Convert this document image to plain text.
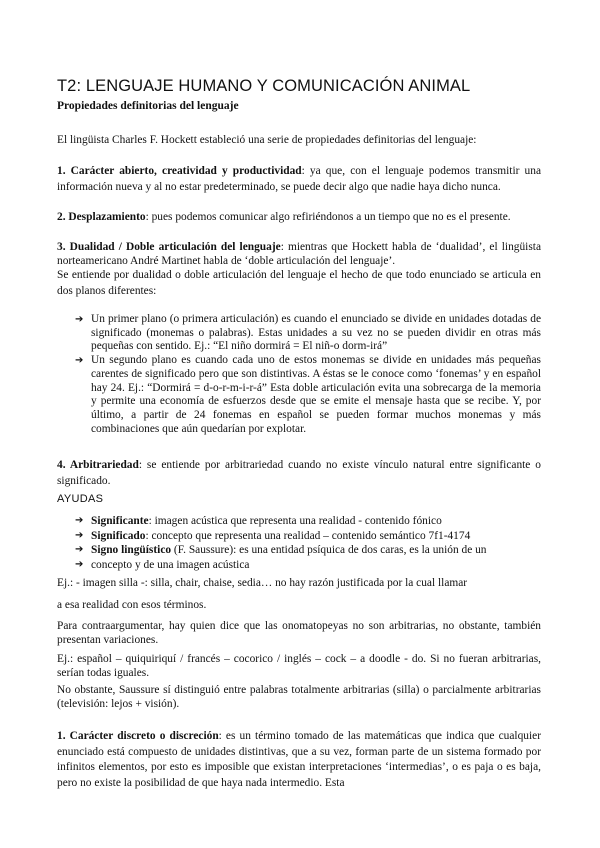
T2: LENGUAJE HUMANO Y COMUNICACIÓN ANIMAL
Propiedades definitorias del lenguaje
El lingüista Charles F. Hockett estableció una serie de propiedades definitorias del lenguaje:
1. Carácter abierto, creatividad y productividad: ya que, con el lenguaje podemos transmitir una información nueva y al no estar predeterminado, se puede decir algo que nadie haya dicho nunca.
2. Desplazamiento: pues podemos comunicar algo refiriéndonos a un tiempo que no es el presente.
3. Dualidad / Doble articulación del lenguaje: mientras que Hockett habla de ‘dualidad’, el lingüista norteamericano André Martinet habla de ‘doble articulación del lenguaje’.
Se entiende por dualidad o doble articulación del lenguaje el hecho de que todo enunciado se articula en dos planos diferentes:
➔ Un primer plano (o primera articulación) es cuando el enunciado se divide en unidades dotadas de significado (monemas o palabras). Estas unidades a su vez no se pueden dividir en otras más pequeñas con sentido. Ej.: “El niño dormirá = El niñ-o dorm-irá”
➔ Un segundo plano es cuando cada uno de estos monemas se divide en unidades más pequeñas carentes de significado pero que son distintivas. A éstas se le conoce como ‘fonemas’ y en español hay 24. Ej.: “Dormirá = d-o-r-m-i-r-á” Esta doble articulación evita una sobrecarga de la memoria y permite una economía de esfuerzos desde que se emite el mensaje hasta que se recibe. Y, por último, a partir de 24 fonemas en español se pueden formar muchos monemas y más combinaciones que aún quedarían por explotar.
4. Arbitrariedad: se entiende por arbitrariedad cuando no existe vínculo natural entre significante o significado.
AYUDAS
➔ Significante: imagen acústica que representa una realidad - contenido fónico
➔ Significado: concepto que representa una realidad – contenido semántico 7f1-4174
➔ Signo lingüístico (F. Saussure): es una entidad psíquica de dos caras, es la unión de un
➔ concepto y de una imagen acústica
Ej.: - imagen silla -: silla, chair, chaise, sedia… no hay razón justificada por la cual llamar
a esa realidad con esos términos.
Para contraargumentar, hay quien dice que las onomatopeyas no son arbitrarias, no obstante, también presentan variaciones.
Ej.: español – quiquiriquí / francés – cocorico / inglés – cock – a doodle - do. Si no fueran arbitrarias, serían todas iguales.
No obstante, Saussure sí distinguió entre palabras totalmente arbitrarias (silla) o parcialmente arbitrarias (televisión: lejos + visión).
1. Carácter discreto o discreción: es un término tomado de las matemáticas que indica que cualquier enunciado está compuesto de unidades distintivas, que a su vez, forman parte de un sistema formado por infinitos elementos, por esto es imposible que existan interpretaciones ‘intermedias’, o es paja o es baja, pero no existe la posibilidad de que haya nada intermedio. Esta
